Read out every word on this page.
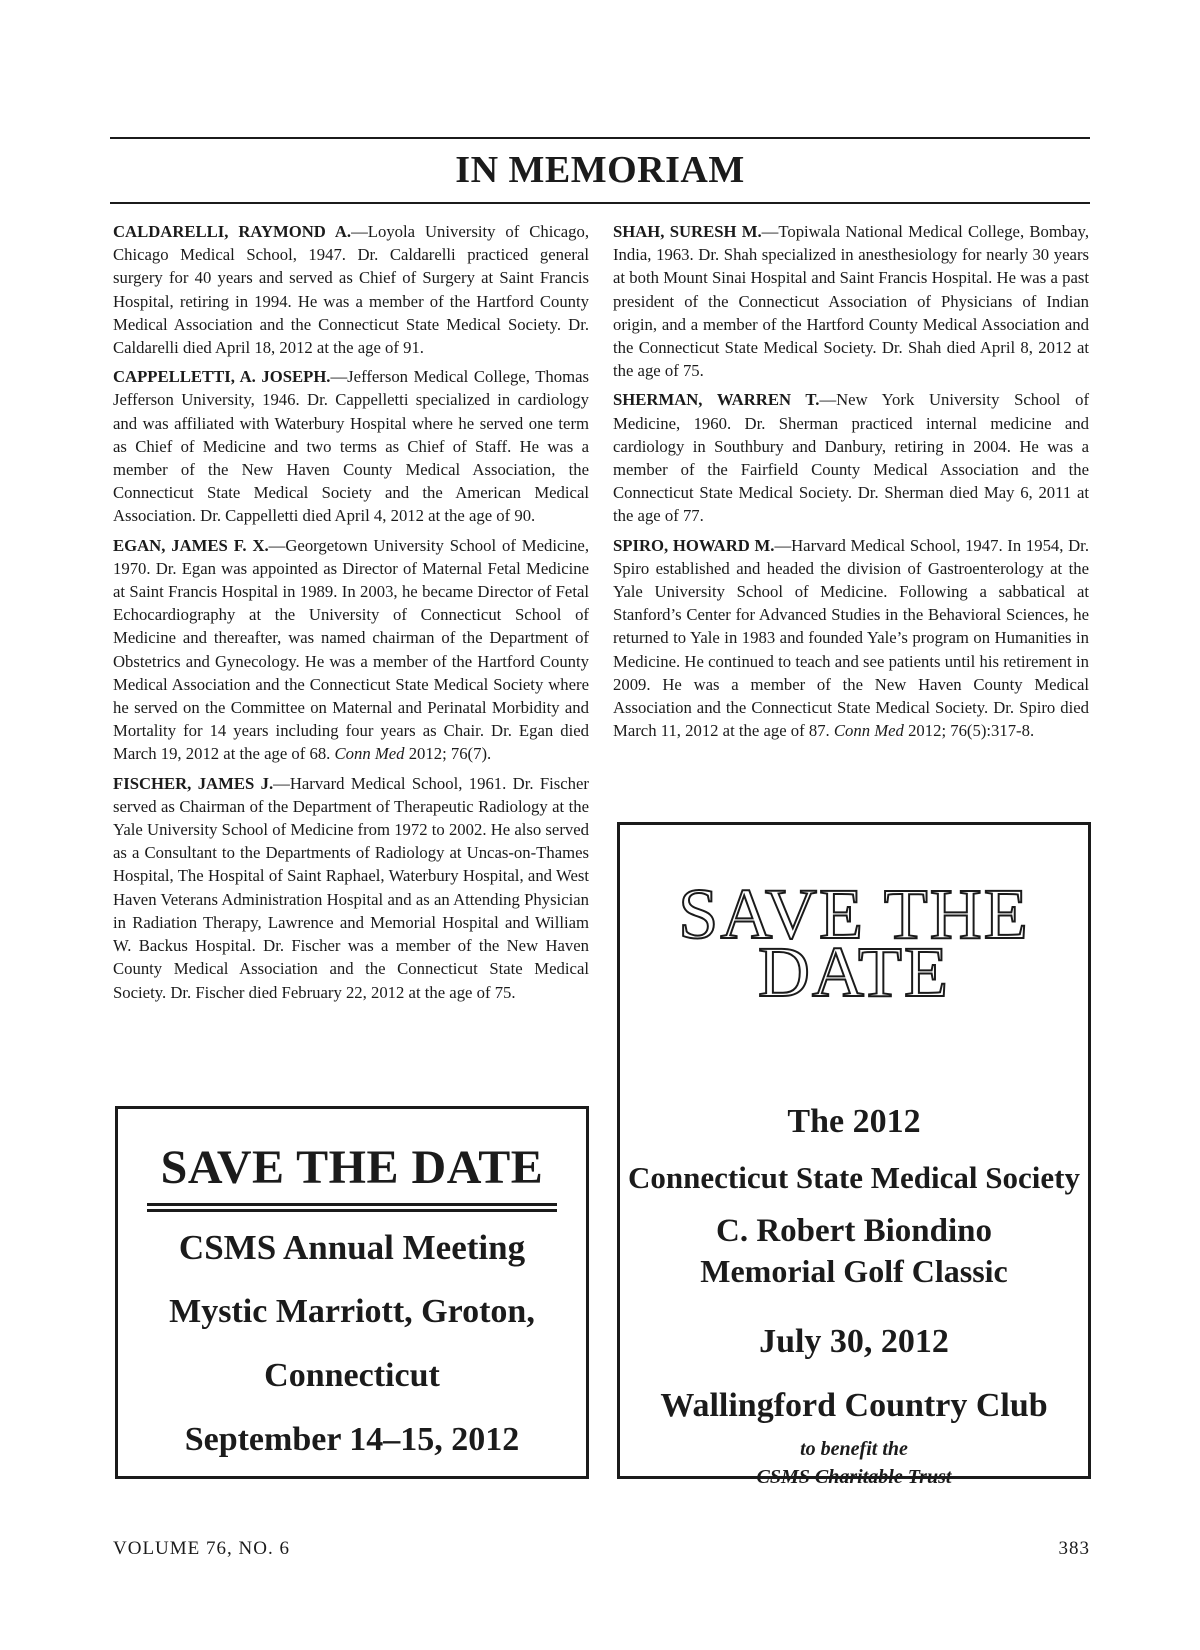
IN MEMORIAM

CALDARELLI, RAYMOND A.—Loyola University of Chicago, Chicago Medical School, 1947. Dr. Caldarelli practiced general surgery for 40 years and served as Chief of Surgery at Saint Francis Hospital, retiring in 1994. He was a member of the Hartford County Medical Association and the Connecticut State Medical Society. Dr. Caldarelli died April 18, 2012 at the age of 91.

CAPPELLETTI, A. JOSEPH.—Jefferson Medical College, Thomas Jefferson University, 1946. Dr. Cappelletti specialized in cardiology and was affiliated with Waterbury Hospital where he served one term as Chief of Medicine and two terms as Chief of Staff. He was a member of the New Haven County Medical Association, the Connecticut State Medical Society and the American Medical Association. Dr. Cappelletti died April 4, 2012 at the age of 90.

EGAN, JAMES F. X.—Georgetown University School of Medicine, 1970. Dr. Egan was appointed as Director of Maternal Fetal Medicine at Saint Francis Hospital in 1989. In 2003, he became Director of Fetal Echocardiography at the University of Connecticut School of Medicine and thereafter, was named chairman of the Department of Obstetrics and Gynecology. He was a member of the Hartford County Medical Association and the Connecticut State Medical Society where he served on the Committee on Maternal and Perinatal Morbidity and Mortality for 14 years including four years as Chair. Dr. Egan died March 19, 2012 at the age of 68. Conn Med 2012; 76(7).

FISCHER, JAMES J.—Harvard Medical School, 1961. Dr. Fischer served as Chairman of the Department of Therapeutic Radiology at the Yale University School of Medicine from 1972 to 2002. He also served as a Consultant to the Departments of Radiology at Uncas-on-Thames Hospital, The Hospital of Saint Raphael, Waterbury Hospital, and West Haven Veterans Administration Hospital and as an Attending Physician in Radiation Therapy, Lawrence and Memorial Hospital and William W. Backus Hospital. Dr. Fischer was a member of the New Haven County Medical Association and the Connecticut State Medical Society. Dr. Fischer died February 22, 2012 at the age of 75.

SHAH, SURESH M.—Topiwala National Medical College, Bombay, India, 1963. Dr. Shah specialized in anesthesiology for nearly 30 years at both Mount Sinai Hospital and Saint Francis Hospital. He was a past president of the Connecticut Association of Physicians of Indian origin, and a member of the Hartford County Medical Association and the Connecticut State Medical Society. Dr. Shah died April 8, 2012 at the age of 75.

SHERMAN, WARREN T.—New York University School of Medicine, 1960. Dr. Sherman practiced internal medicine and cardiology in Southbury and Danbury, retiring in 2004. He was a member of the Fairfield County Medical Association and the Connecticut State Medical Society. Dr. Sherman died May 6, 2011 at the age of 77.

SPIRO, HOWARD M.—Harvard Medical School, 1947. In 1954, Dr. Spiro established and headed the division of Gastroenterology at the Yale University School of Medicine. Following a sabbatical at Stanford’s Center for Advanced Studies in the Behavioral Sciences, he returned to Yale in 1983 and founded Yale’s program on Humanities in Medicine. He continued to teach and see patients until his retirement in 2009. He was a member of the New Haven County Medical Association and the Connecticut State Medical Society. Dr. Spiro died March 11, 2012 at the age of 87. Conn Med 2012; 76(5):317-8.

SAVE THE DATE
CSMS Annual Meeting
Mystic Marriott, Groton,
Connecticut
September 14–15, 2012
SAVE THE
DATE
The 2012
Connecticut State Medical Society
C. Robert Biondino
Memorial Golf Classic
July 30, 2012
Wallingford Country Club
to benefit the
CSMS Charitable Trust
VOLUME 76, NO. 6	383
